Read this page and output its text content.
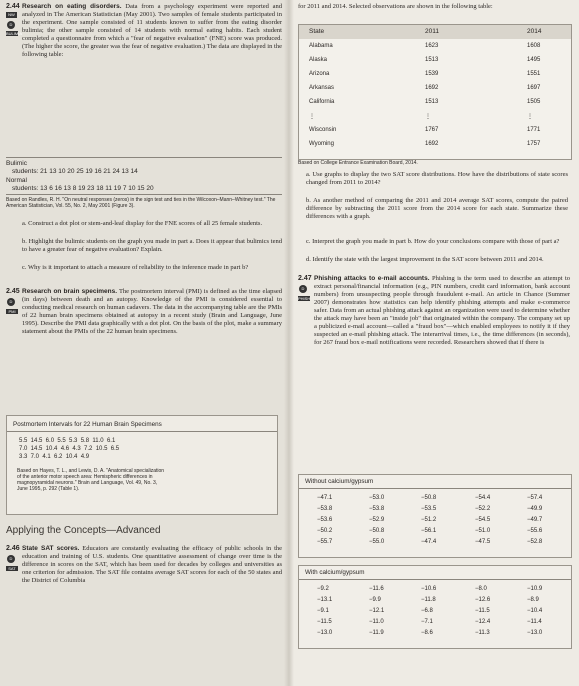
2.44
NW
D
BULIMIA
Research on eating disorders. Data from a psychology experiment were reported and analyzed in The American Statistician (May 2001). Two samples of female students participated in the experiment. One sample consisted of 11 students known to suffer from the eating disorder bulimia; the other sample consisted of 14 students with normal eating habits. Each student completed a questionnaire from which a "fear of negative evaluation" (FNE) score was produced. (The higher the score, the greater was the fear of negative evaluation.) The data are displayed in the following table:
Bulimic
students: 21 13 10 20 25 19 16 21 24 13 14
Normal
students: 13 6 16 13 8 19 23 18 11 19 7 10 15 20
Based on Randles, R. H. "On neutral responses (zeros) in the sign test and ties in the Wilcoxon–Mann–Whitney test." The American Statistician, Vol. 55, No. 2, May 2001 (Figure 3).
a. Construct a dot plot or stem-and-leaf display for the FNE scores of all 25 female students.
b. Highlight the bulimic students on the graph you made in part a. Does it appear that bulimics tend to have a greater fear of negative evaluation? Explain.
c. Why is it important to attach a measure of reliability to the inference made in part b?
2.45
D
PMI
Research on brain specimens. The postmortem interval (PMI) is defined as the time elapsed (in days) between death and an autopsy. Knowledge of the PMI is considered essential to conducting medical research on human cadavers. The data in the accompanying table are the PMIs of 22 human brain specimens obtained at autopsy in a recent study (Brain and Language, June 1995). Describe the PMI data graphically with a dot plot. On the basis of the plot, make a summary statement about the PMIs of the 22 human brain specimens.
Postmortem Intervals for 22 Human Brain Specimens
5.5  14.5  6.0  5.5  5.3  5.8  11.0  6.1
7.0  14.5  10.4  4.6  4.3  7.2  10.5  6.5
3.3  7.0  4.1  6.2  10.4  4.9
Based on Hayes, T. L., and Lewis, D. A. "Anatomical specialization of the anterior motor speech area: Hemispheric differences in magnopyramidal neurons." Brain and Language, Vol. 49, No. 3, June 1995, p. 292 (Table 1).
Applying the Concepts—Advanced
2.46
D
SAT
State SAT scores. Educators are constantly evaluating the efficacy of public schools in the education and training of U.S. students. One quantitative assessment of change over time is the difference in scores on the SAT, which has been used for decades by colleges and universities as one criterion for admission. The SAT file contains average SAT scores for each of the 50 states and the District of Columbia
for 2011 and 2014. Selected observations are shown in the following table:
State	2011	2014
Alabama	1623	1608
Alaska	1513	1495
Arizona	1539	1551
Arkansas	1692	1697
California	1513	1505
⋮	⋮	⋮
Wisconsin	1767	1771
Wyoming	1692	1757
Based on College Entrance Examination Board, 2014.
a. Use graphs to display the two SAT score distributions. How have the distributions of state scores changed from 2011 to 2014?
b. As another method of comparing the 2011 and 2014 average SAT scores, compute the paired difference by subtracting the 2011 score from the 2014 score for each state. Summarize these differences with a graph.
c. Interpret the graph you made in part b. How do your conclusions compare with those of part a?
d. Identify the state with the largest improvement in the SAT score between 2011 and 2014.
2.47
D
PHISH
Phishing attacks to e-mail accounts. Phishing is the term used to describe an attempt to extract personal/financial information (e.g., PIN numbers, credit card information, bank account numbers) from unsuspecting people through fraudulent e-mail. An article in Chance (Summer 2007) demonstrates how statistics can help identify phishing attempts and make e-commerce safer. Data from an actual phishing attack against an organization were used to determine whether the attack may have been an "inside job" that originated within the company. The company set up a publicized e-mail account—called a "fraud box"—which enabled employees to notify it if they suspected an e-mail phishing attack. The interarrival times, i.e., the time differences (in seconds), for 267 fraud box e-mail notifications were recorded. Researchers showed that if there is
Without calcium/gypsum
−47.1	−53.0	−50.8	−54.4	−57.4
−53.8	−53.8	−53.5	−52.2	−49.9
−53.6	−52.9	−51.2	−54.5	−49.7
−50.2	−50.8	−56.1	−51.0	−55.6
−55.7	−55.0	−47.4	−47.5	−52.8
With calcium/gypsum
−9.2	−11.6	−10.6	−8.0	−10.9
−13.1	−9.9	−11.8	−12.6	−8.9
−9.1	−12.1	−6.8	−11.5	−10.4
−11.5	−11.0	−7.1	−12.4	−11.4
−13.0	−11.9	−8.6	−11.3	−13.0
